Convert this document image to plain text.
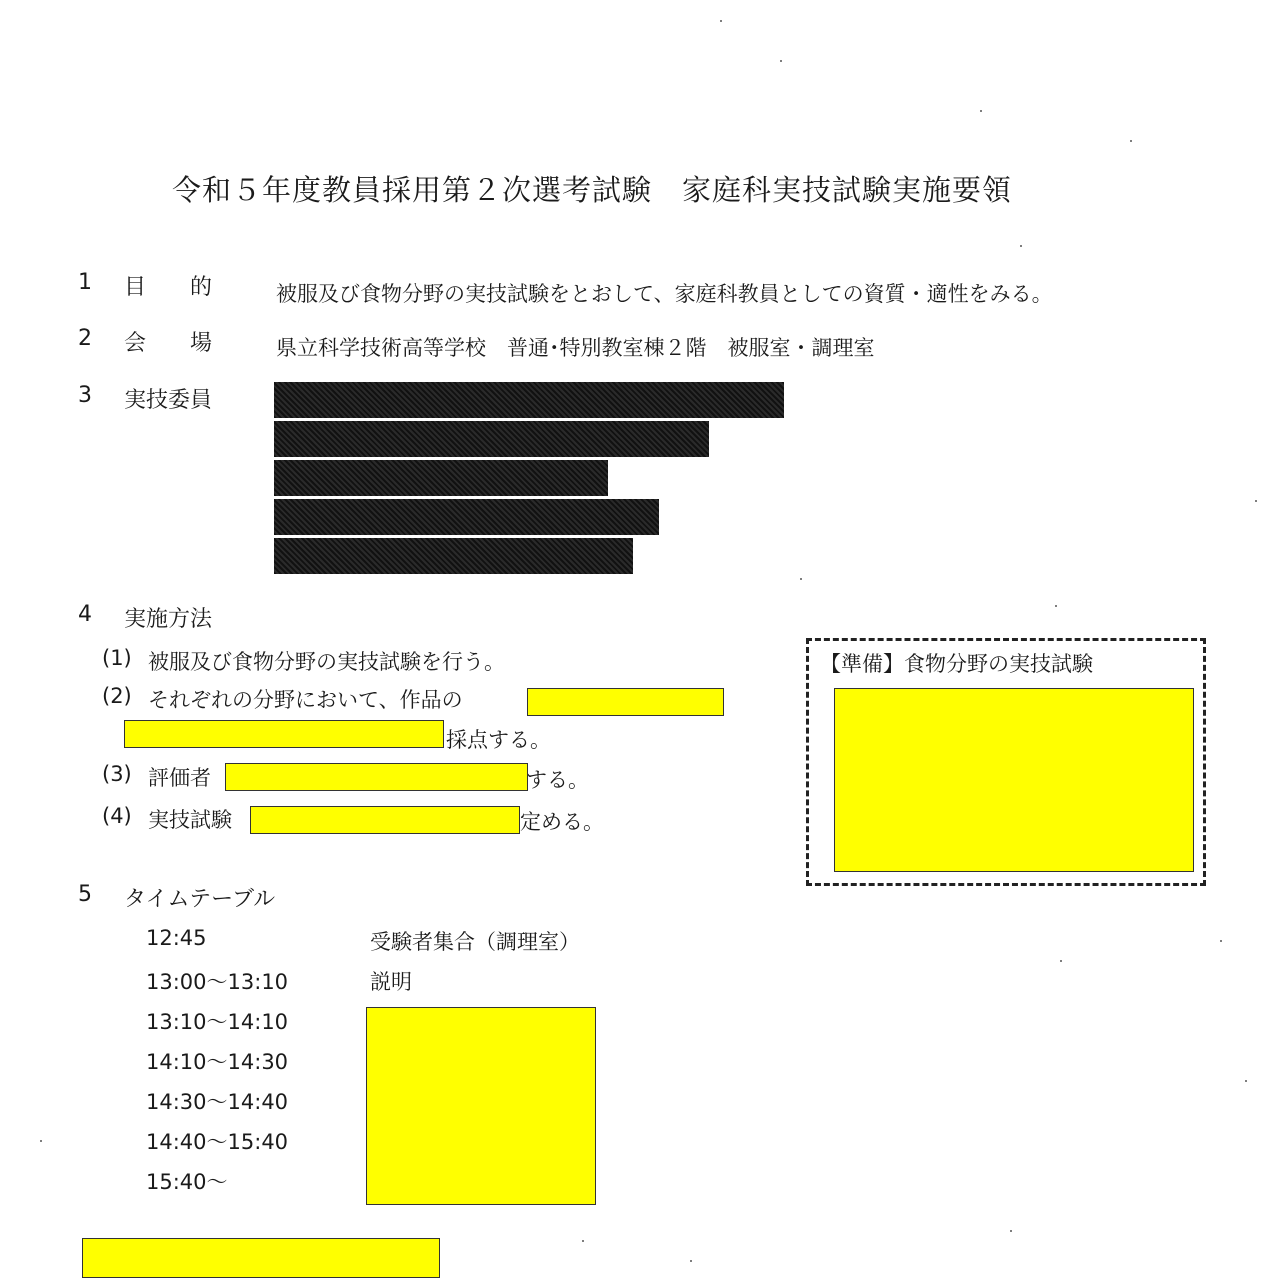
令和５年度教員採用第２次選考試験　家庭科実技試験実施要領
1 目　　的	被服及び食物分野の実技試験をとおして、家庭科教員としての資質・適性をみる。
2 会　　場	県立科学技術高等学校　普通･特別教室棟２階　被服室・調理室
3 実技委員
4 実施方法
(1) 被服及び食物分野の実技試験を行う。
(2) それぞれの分野において、作品の
採点する。
(3) 評価者	する。
(4) 実技試験	定める。
【準備】食物分野の実技試験
5 タイムテーブル
12:45	受験者集合（調理室）
13:00～13:10	説明
13:10～14:10
14:10～14:30
14:30～14:40
14:40～15:40
15:40～
